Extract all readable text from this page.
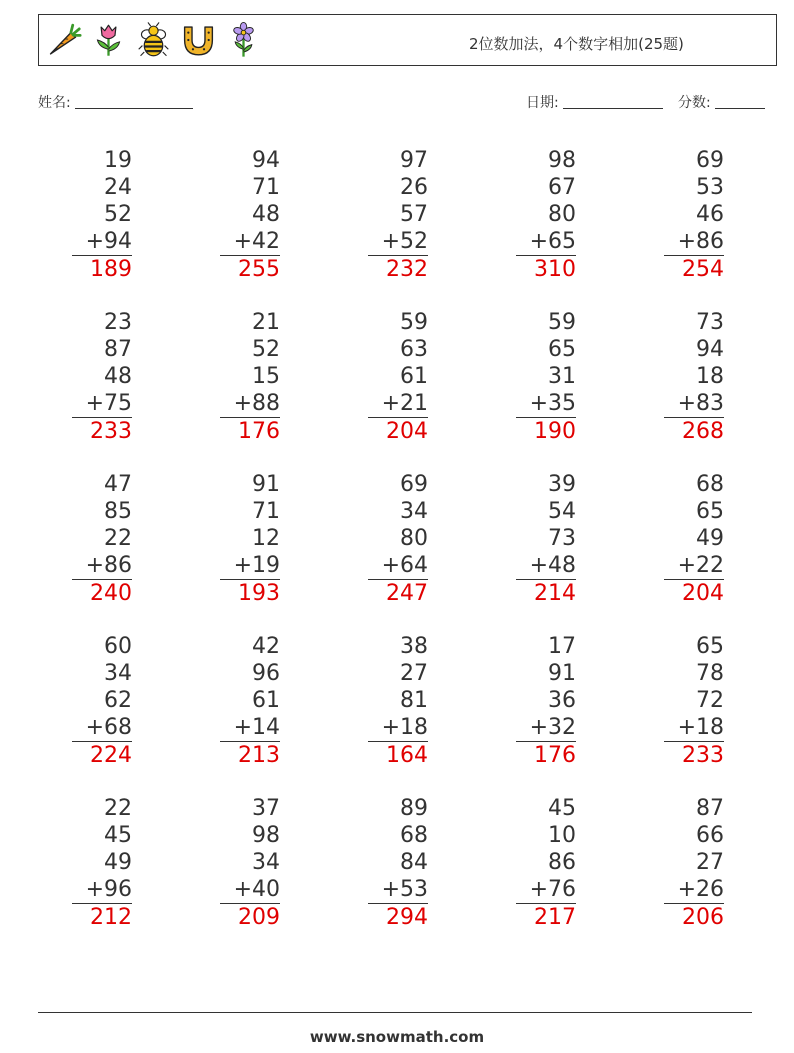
2位数加法，4个数字相加(25题)
姓名:	日期:	分数:
19
24
52
+94
189
94
71
48
+42
255
97
26
57
+52
232
98
67
80
+65
310
69
53
46
+86
254
23
87
48
+75
233
21
52
15
+88
176
59
63
61
+21
204
59
65
31
+35
190
73
94
18
+83
268
47
85
22
+86
240
91
71
12
+19
193
69
34
80
+64
247
39
54
73
+48
214
68
65
49
+22
204
60
34
62
+68
224
42
96
61
+14
213
38
27
81
+18
164
17
91
36
+32
176
65
78
72
+18
233
22
45
49
+96
212
37
98
34
+40
209
89
68
84
+53
294
45
10
86
+76
217
87
66
27
+26
206
www.snowmath.com
